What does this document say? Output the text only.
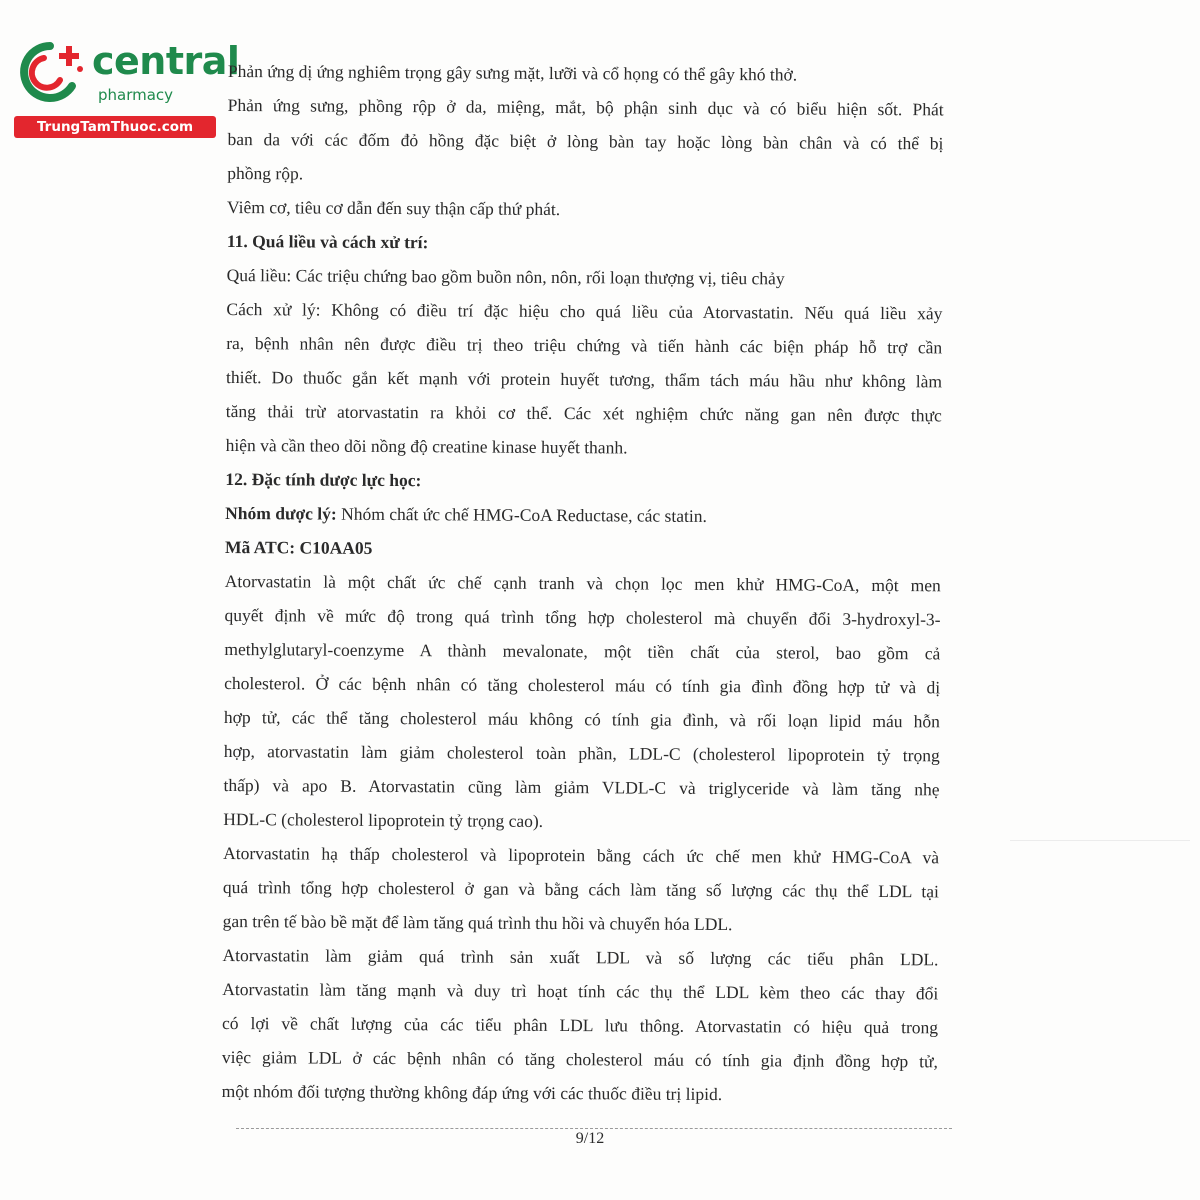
central
pharmacy
TrungTamThuoc.com
Phản ứng dị ứng nghiêm trọng gây sưng mặt, lưỡi và cổ họng có thể gây khó thở.
Phản ứng sưng, phồng rộp ở da, miệng, mắt, bộ phận sinh dục và có biểu hiện sốt. Phát
ban da với các đốm đỏ hồng đặc biệt ở lòng bàn tay hoặc lòng bàn chân và có thể bị
phồng rộp.
Viêm cơ, tiêu cơ dẫn đến suy thận cấp thứ phát.
11. Quá liều và cách xử trí:
Quá liều: Các triệu chứng bao gồm buồn nôn, nôn, rối loạn thượng vị, tiêu chảy
Cách xử lý: Không có điều trí đặc hiệu cho quá liều của Atorvastatin. Nếu quá liều xảy
ra, bệnh nhân nên được điều trị theo triệu chứng và tiến hành các biện pháp hỗ trợ cần
thiết. Do thuốc gắn kết mạnh với protein huyết tương, thẩm tách máu hầu như không làm
tăng thải trừ atorvastatin ra khỏi cơ thể. Các xét nghiệm chức năng gan nên được thực
hiện và cần theo dõi nồng độ creatine kinase huyết thanh.
12. Đặc tính dược lực học:
Nhóm dược lý: Nhóm chất ức chế HMG-CoA Reductase, các statin.
Mã ATC: C10AA05
Atorvastatin là một chất ức chế cạnh tranh và chọn lọc men khử HMG-CoA, một men
quyết định về mức độ trong quá trình tổng hợp cholesterol mà chuyển đổi 3-hydroxyl-3-
methylglutaryl-coenzyme A thành mevalonate, một tiền chất của sterol, bao gồm cả
cholesterol. Ở các bệnh nhân có tăng cholesterol máu có tính gia đình đồng hợp tử và dị
hợp tử, các thể tăng cholesterol máu không có tính gia đình, và rối loạn lipid máu hỗn
hợp, atorvastatin làm giảm cholesterol toàn phần, LDL-C (cholesterol lipoprotein tỷ trọng
thấp) và apo B. Atorvastatin cũng làm giảm VLDL-C và triglyceride và làm tăng nhẹ
HDL-C (cholesterol lipoprotein tỷ trọng cao).
Atorvastatin hạ thấp cholesterol và lipoprotein bằng cách ức chế men khử HMG-CoA và
quá trình tổng hợp cholesterol ở gan và bằng cách làm tăng số lượng các thụ thể LDL tại
gan trên tế bào bề mặt để làm tăng quá trình thu hồi và chuyển hóa LDL.
Atorvastatin làm giảm quá trình sản xuất LDL và số lượng các tiểu phân LDL.
Atorvastatin làm tăng mạnh và duy trì hoạt tính các thụ thể LDL kèm theo các thay đổi
có lợi về chất lượng của các tiểu phân LDL lưu thông. Atorvastatin có hiệu quả trong
việc giảm LDL ở các bệnh nhân có tăng cholesterol máu có tính gia định đồng hợp tử,
một nhóm đối tượng thường không đáp ứng với các thuốc điều trị lipid.
9/12
